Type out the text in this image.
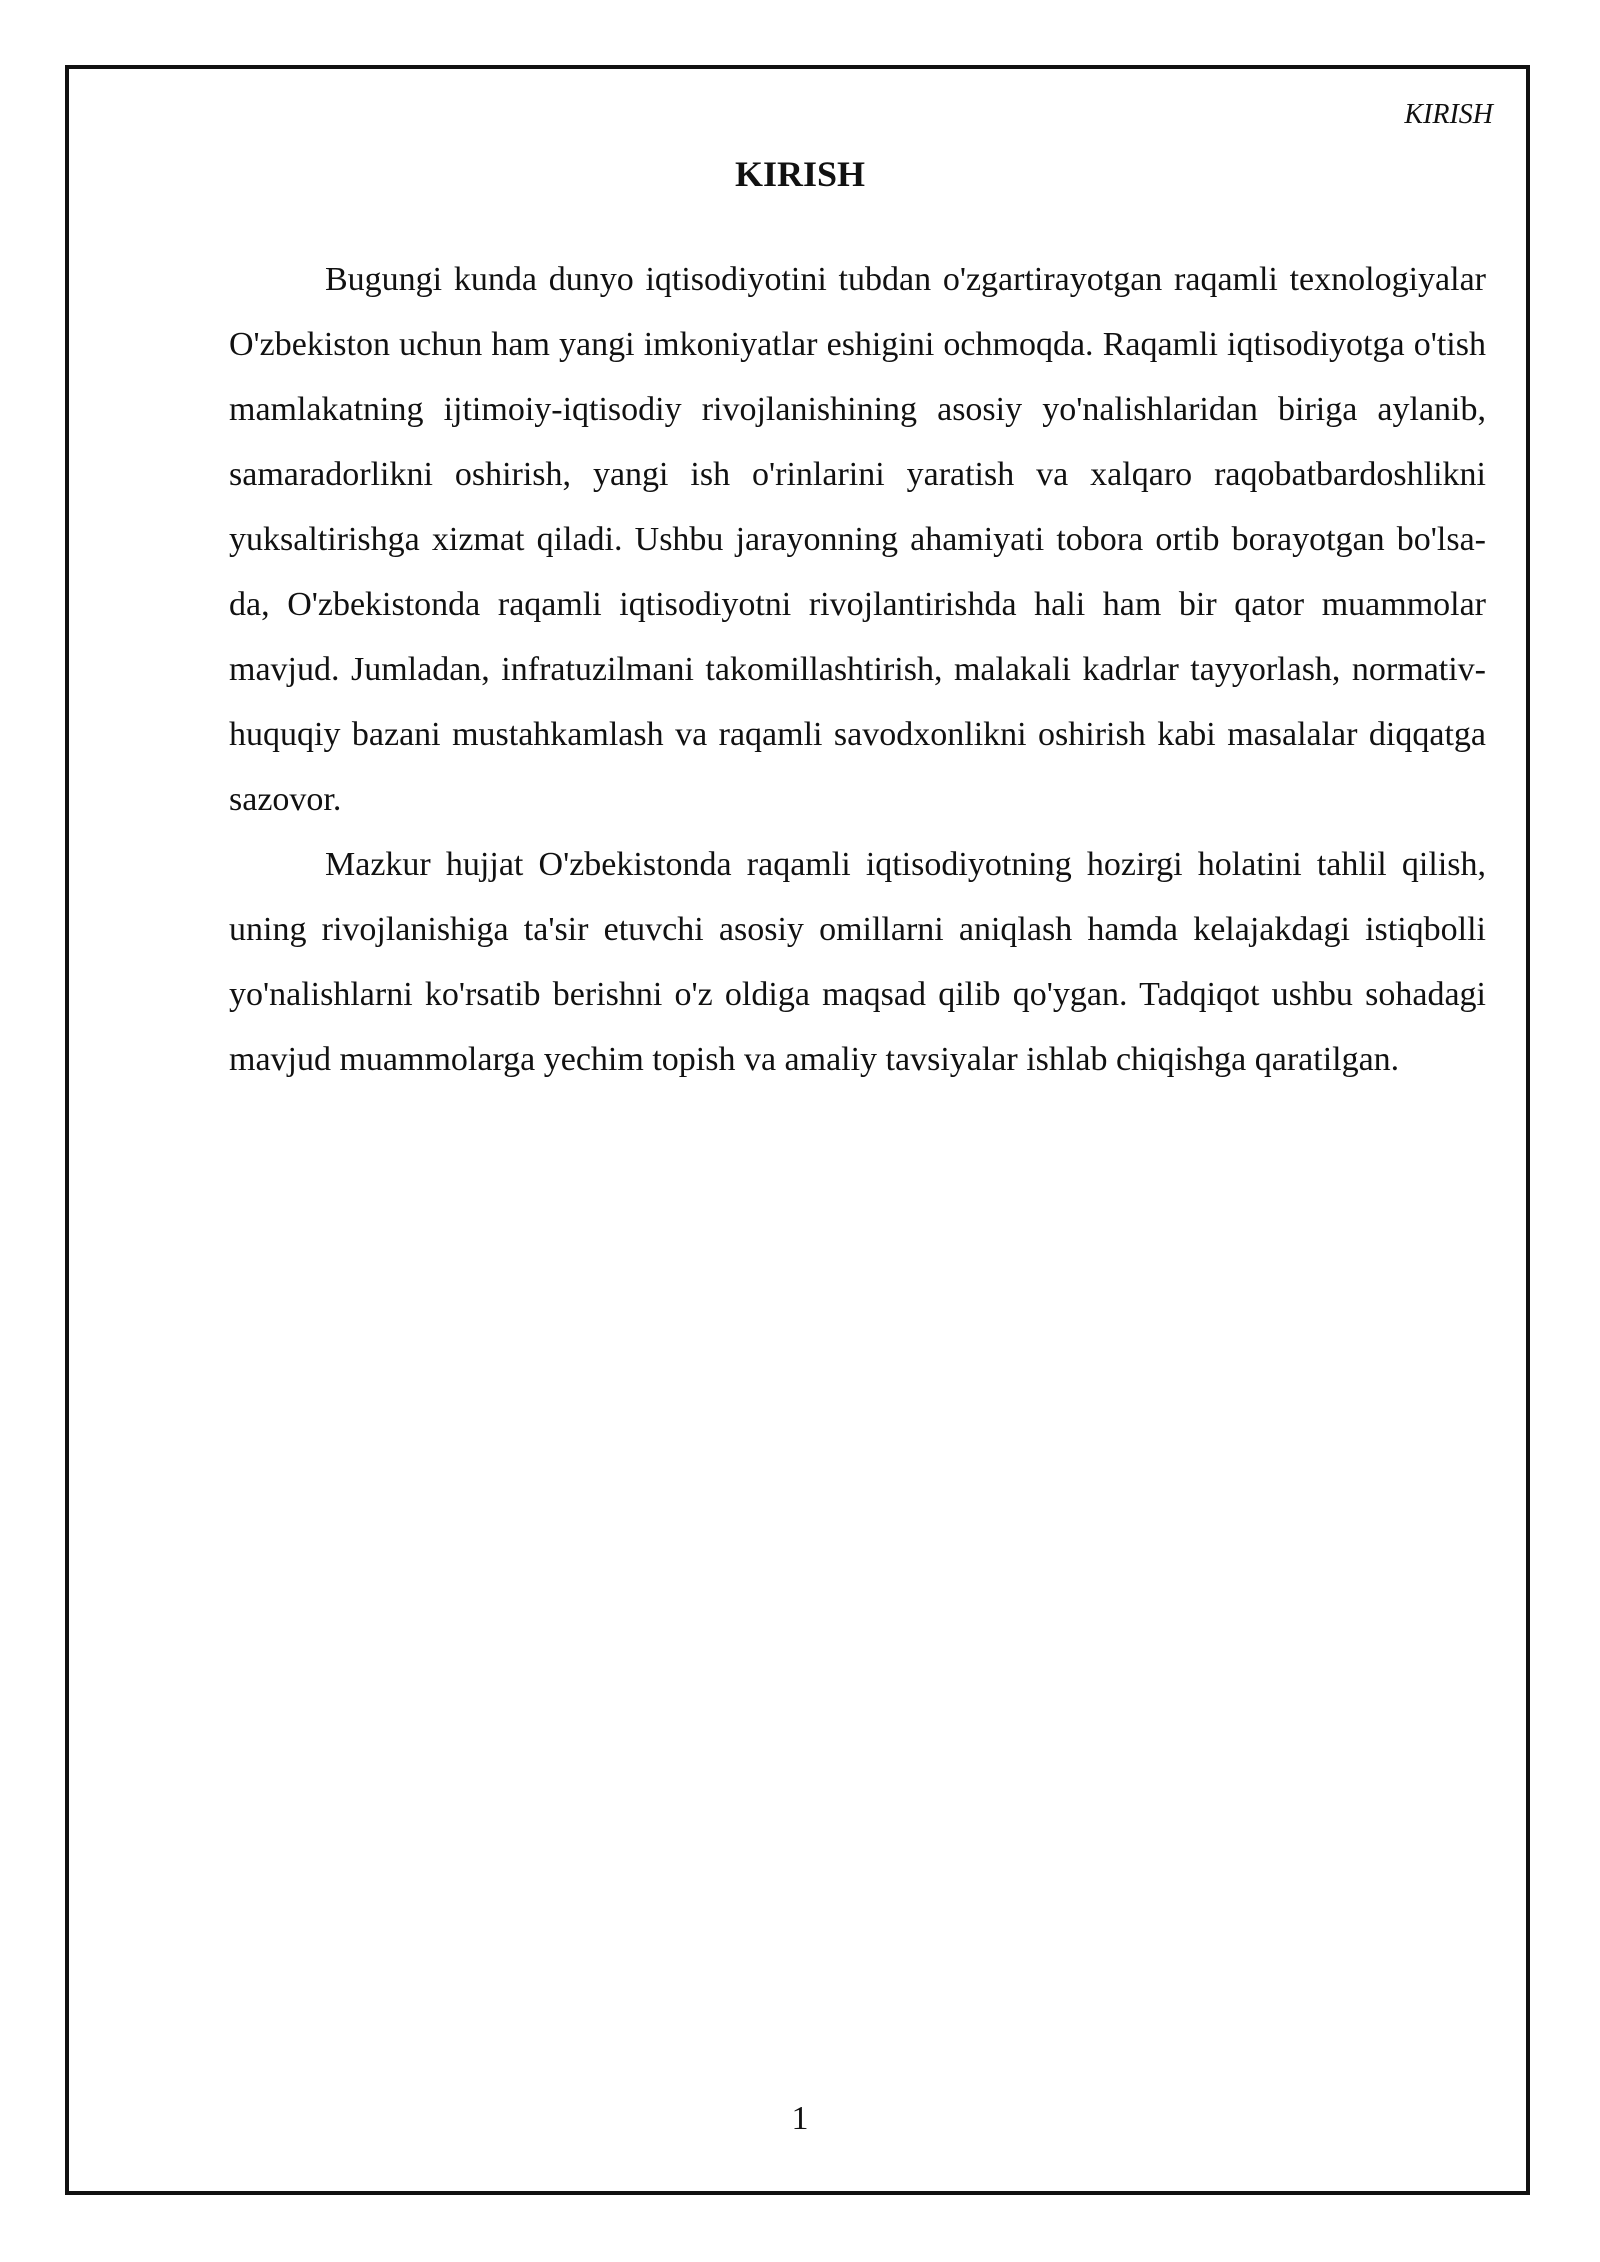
KIRISH

KIRISH

Bugungi kunda dunyo iqtisodiyotini tubdan o'zgartirayotgan raqamli texnologiyalar O'zbekiston uchun ham yangi imkoniyatlar eshigini ochmoqda. Raqamli iqtisodiyotga o'tish mamlakatning ijtimoiy-iqtisodiy rivojlanishining asosiy yo'nalishlaridan biriga aylanib, samaradorlikni oshirish, yangi ish o'rinlarini yaratish va xalqaro raqobatbardoshlikni yuksaltirishga xizmat qiladi. Ushbu jarayonning ahamiyati tobora ortib borayotgan bo'lsa-da, O'zbekistonda raqamli iqtisodiyotni rivojlantirishda hali ham bir qator muammolar mavjud. Jumladan, infratuzilmani takomillashtirish, malakali kadrlar tayyorlash, normativ-huquqiy bazani mustahkamlash va raqamli savodxonlikni oshirish kabi masalalar diqqatga sazovor.

Mazkur hujjat O'zbekistonda raqamli iqtisodiyotning hozirgi holatini tahlil qilish, uning rivojlanishiga ta'sir etuvchi asosiy omillarni aniqlash hamda kelajakdagi istiqbolli yo'nalishlarni ko'rsatib berishni o'z oldiga maqsad qilib qo'ygan. Tadqiqot ushbu sohadagi mavjud muammolarga yechim topish va amaliy tavsiyalar ishlab chiqishga qaratilgan.

1
